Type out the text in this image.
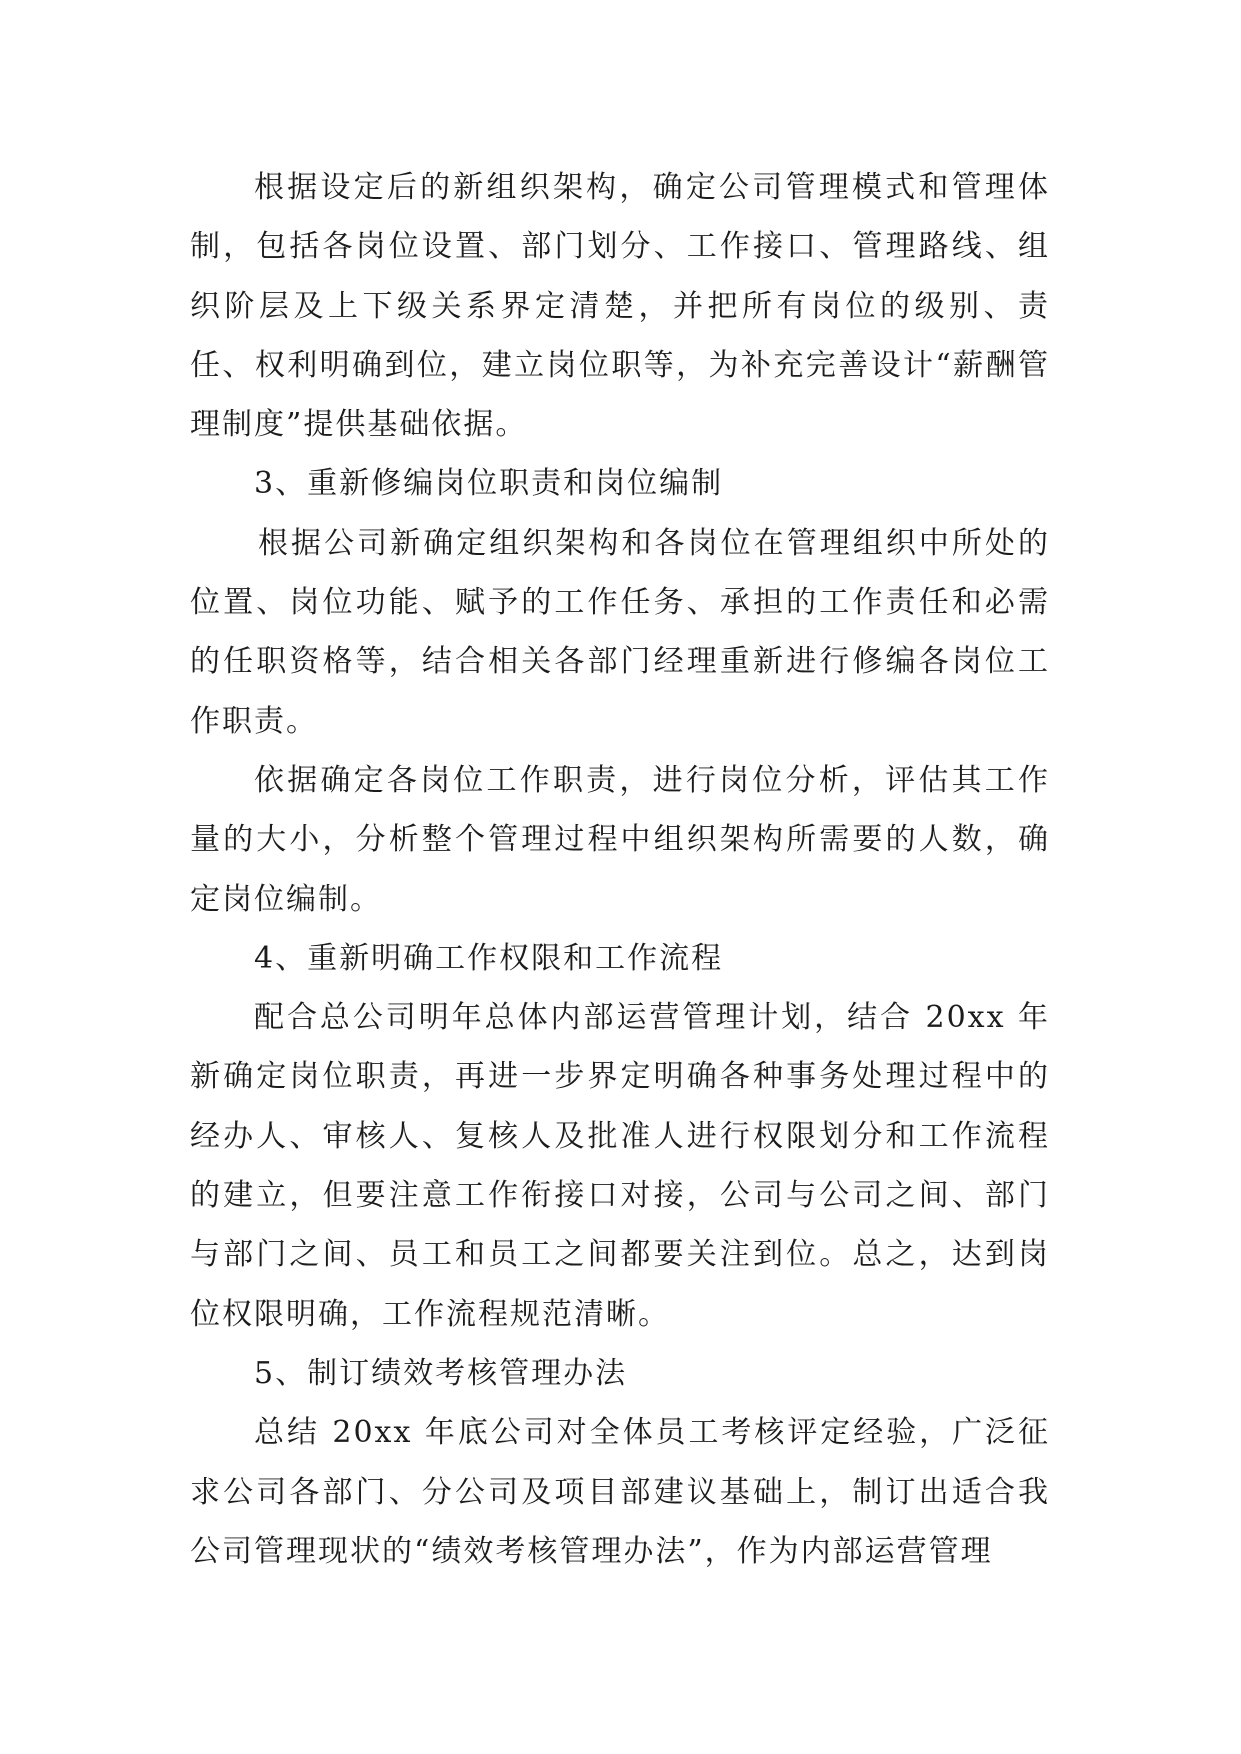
根据设定后的新组织架构，确定公司管理模式和管理体制，包括各岗位设置、部门划分、工作接口、管理路线、组织阶层及上下级关系界定清楚，并把所有岗位的级别、责任、权利明确到位，建立岗位职等，为补充完善设计“薪酬管理制度”提供基础依据。

3、重新修编岗位职责和岗位编制

根据公司新确定组织架构和各岗位在管理组织中所处的位置、岗位功能、赋予的工作任务、承担的工作责任和必需的任职资格等，结合相关各部门经理重新进行修编各岗位工作职责。

依据确定各岗位工作职责，进行岗位分析，评估其工作量的大小，分析整个管理过程中组织架构所需要的人数，确定岗位编制。

4、重新明确工作权限和工作流程

配合总公司明年总体内部运营管理计划，结合 20xx 年新确定岗位职责，再进一步界定明确各种事务处理过程中的经办人、审核人、复核人及批准人进行权限划分和工作流程的建立，但要注意工作衔接口对接，公司与公司之间、部门与部门之间、员工和员工之间都要关注到位。总之，达到岗位权限明确，工作流程规范清晰。

5、制订绩效考核管理办法

总结 20xx 年底公司对全体员工考核评定经验，广泛征求公司各部门、分公司及项目部建议基础上，制订出适合我公司管理现状的“绩效考核管理办法”，作为内部运营管理
